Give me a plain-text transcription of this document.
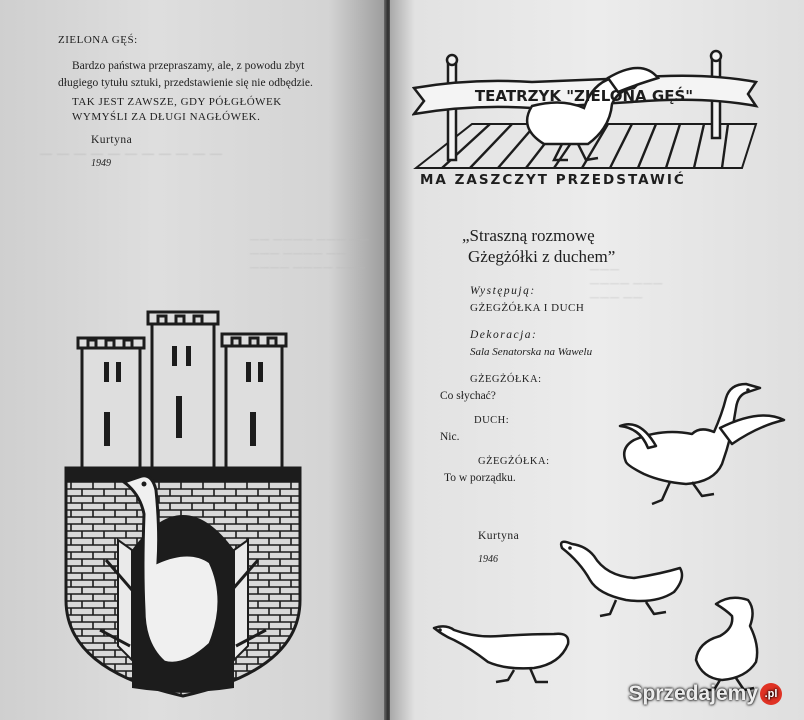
— — — — — — — — — — —
—— ———— ——— ——
——— ———— ——
———— ———— ———
ZIELONA GĘŚ:
Bardzo państwa przepraszamy, ale, z powodu zbyt
długiego tytułu sztuki, przedstawienie się nie odbędzie.
TAK JEST ZAWSZE, GDY PÓŁGŁÓWEK
WYMYŚLI ZA DŁUGI NAGŁÓWEK.
Kurtyna
1949
———
———— ———
——— ——
TEATRZYK "ZIELONA GĘŚ"
MA ZASZCZYT PRZEDSTAWIĆ
„Straszną rozmowę
Gżegżółki z duchem”
Występują:
GŻEGŻÓŁKA I DUCH
Dekoracja:
Sala Senatorska na Wawelu
GŻEGŻÓŁKA:
Co słychać?
DUCH:
Nic.
GŻEGŻÓŁKA:
To w porządku.
Kurtyna
1946
Sprzedajemy .pl
